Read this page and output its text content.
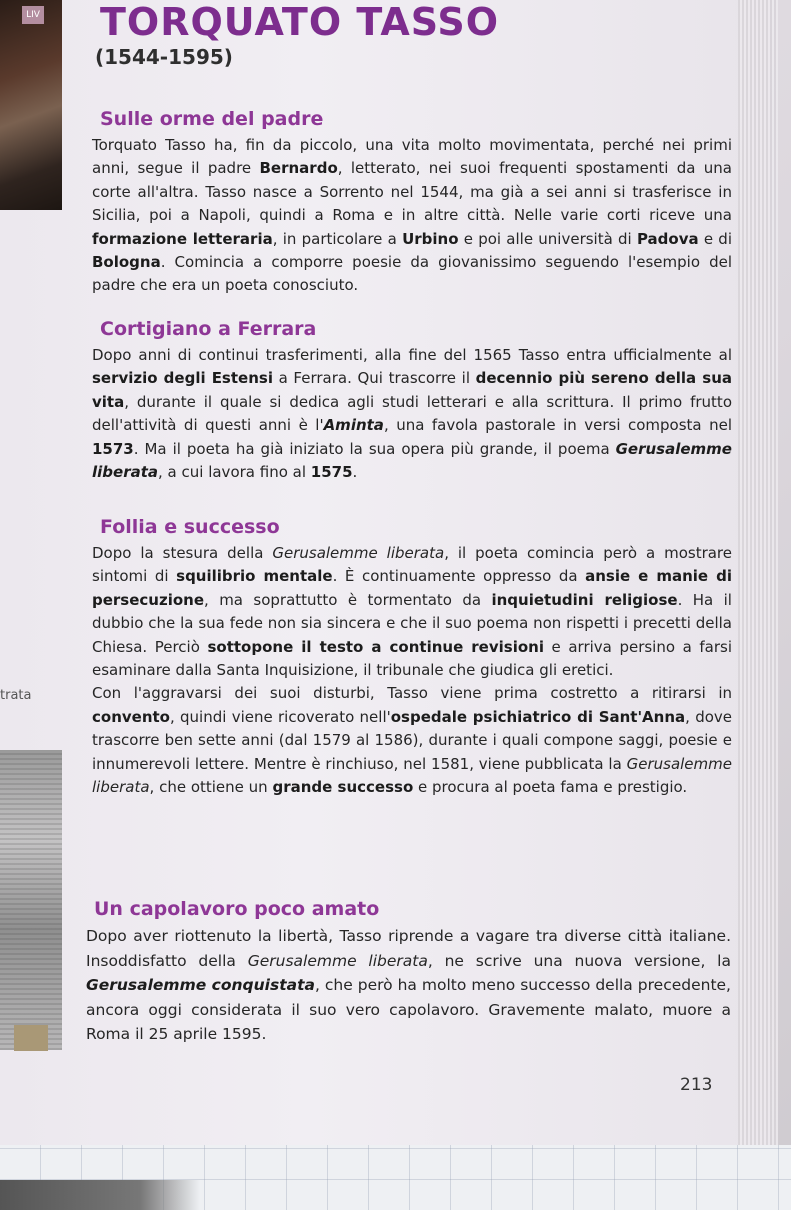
LIV
trata
TORQUATO TASSO
(1544-1595)
Sulle orme del padre

Torquato Tasso ha, fin da piccolo, una vita molto movimentata, perché nei primi anni, segue il padre Bernardo, letterato, nei suoi frequenti spostamenti da una corte all'altra. Tasso nasce a Sorrento nel 1544, ma già a sei anni si trasferisce in Sicilia, poi a Napoli, quindi a Roma e in altre città. Nelle varie corti riceve una formazione letteraria, in particolare a Urbino e poi alle università di Padova e di Bologna. Comincia a comporre poesie da giovanissimo seguendo l'esempio del padre che era un poeta conosciuto.

Cortigiano a Ferrara

Dopo anni di continui trasferimenti, alla fine del 1565 Tasso entra ufficialmente al servizio degli Estensi a Ferrara. Qui trascorre il decennio più sereno della sua vita, durante il quale si dedica agli studi letterari e alla scrittura. Il primo frutto dell'attività di questi anni è l'Aminta, una favola pastorale in versi composta nel 1573. Ma il poeta ha già iniziato la sua opera più grande, il poema Gerusalemme liberata, a cui lavora fino al 1575.

Follia e successo

Dopo la stesura della Gerusalemme liberata, il poeta comincia però a mostrare sintomi di squilibrio mentale. È continuamente oppresso da ansie e manie di persecuzione, ma soprattutto è tormentato da inquietudini religiose. Ha il dubbio che la sua fede non sia sincera e che il suo poema non rispetti i precetti della Chiesa. Perciò sottopone il testo a continue revisioni e arriva persino a farsi esaminare dalla Santa Inquisizione, il tribunale che giudica gli eretici.

Con l'aggravarsi dei suoi disturbi, Tasso viene prima costretto a ritirarsi in convento, quindi viene ricoverato nell'ospedale psichiatrico di Sant'Anna, dove trascorre ben sette anni (dal 1579 al 1586), durante i quali compone saggi, poesie e innumerevoli lettere. Mentre è rinchiuso, nel 1581, viene pubblicata la Gerusalemme liberata, che ottiene un grande successo e procura al poeta fama e prestigio.

Un capolavoro poco amato

Dopo aver riottenuto la libertà, Tasso riprende a vagare tra diverse città italiane. Insoddisfatto della Gerusalemme liberata, ne scrive una nuova versione, la Gerusalemme conquistata, che però ha molto meno successo della precedente, ancora oggi considerata il suo vero capolavoro. Gravemente malato, muore a Roma il 25 aprile 1595.

213
